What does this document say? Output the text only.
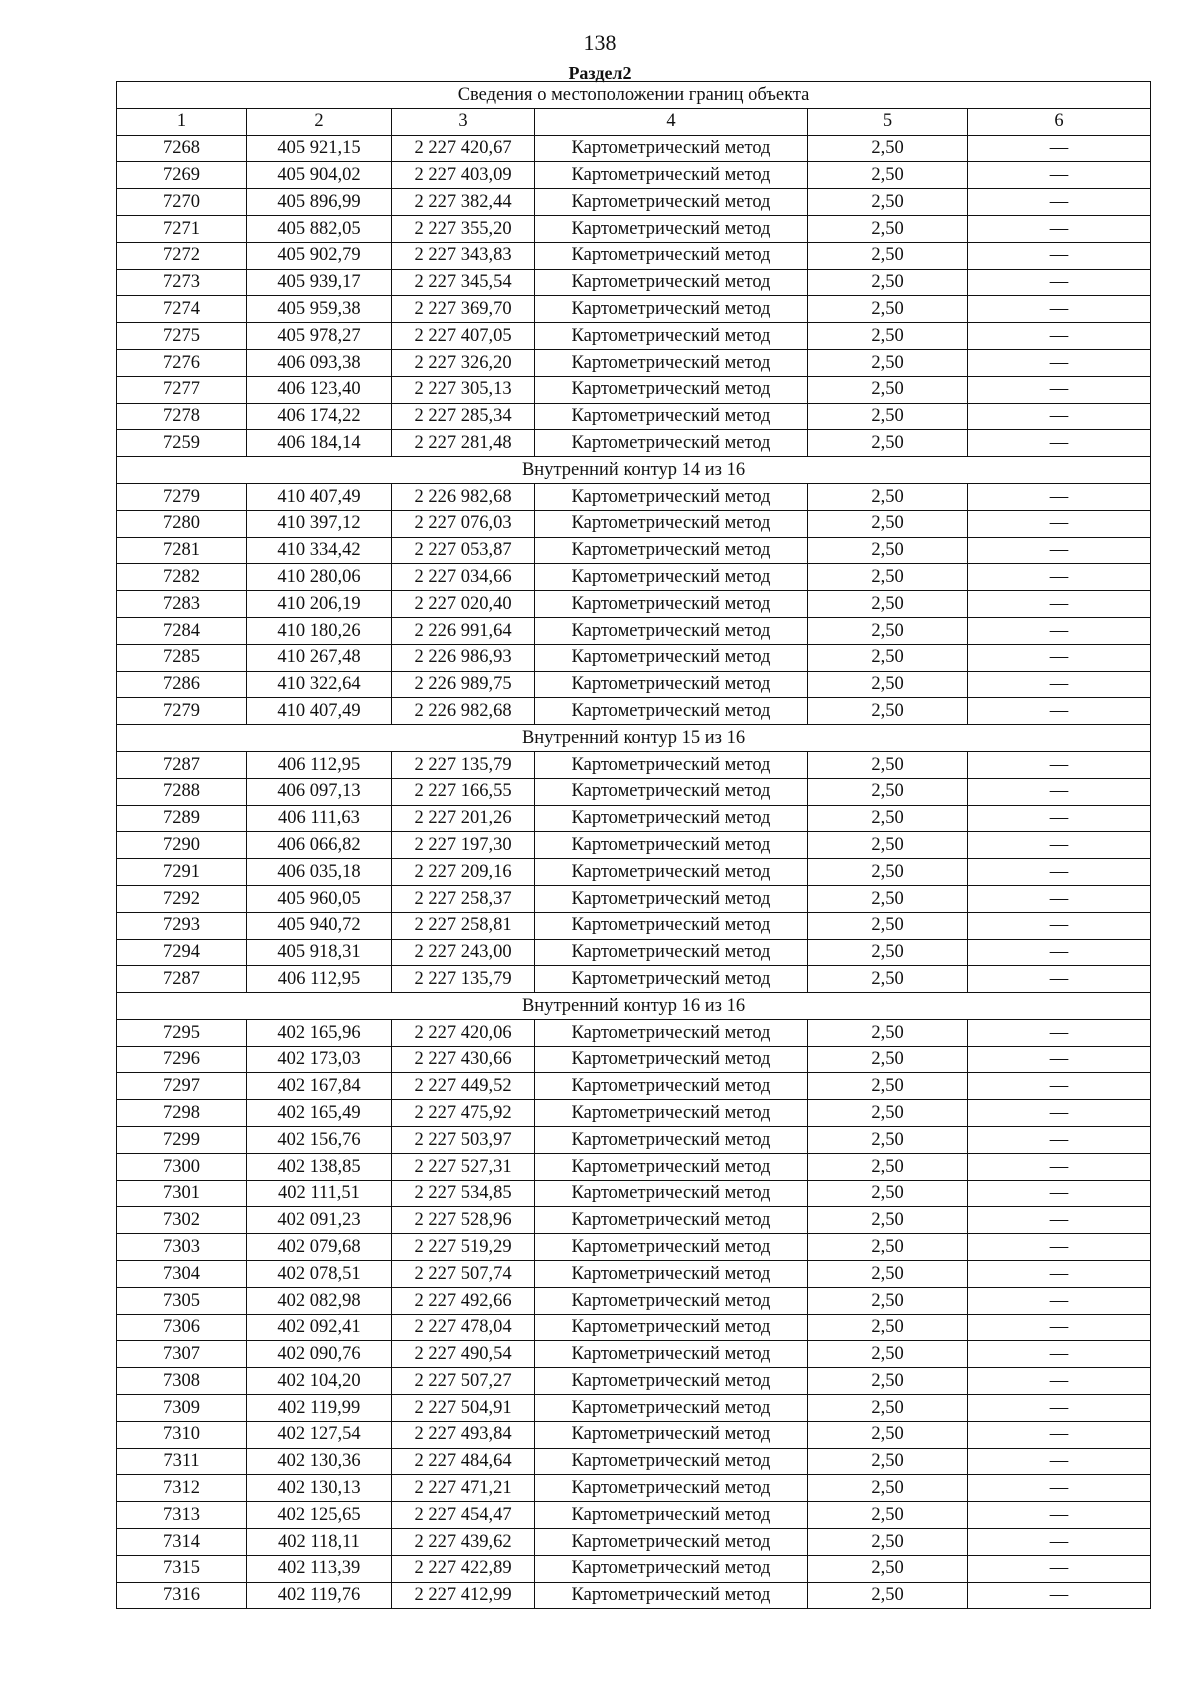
138
Раздел2
Сведения о местоположении границ объекта					
1	2	3	4	5	6
7268	405 921,15	2 227 420,67	Картометрический метод	2,50	—
7269	405 904,02	2 227 403,09	Картометрический метод	2,50	—
7270	405 896,99	2 227 382,44	Картометрический метод	2,50	—
7271	405 882,05	2 227 355,20	Картометрический метод	2,50	—
7272	405 902,79	2 227 343,83	Картометрический метод	2,50	—
7273	405 939,17	2 227 345,54	Картометрический метод	2,50	—
7274	405 959,38	2 227 369,70	Картометрический метод	2,50	—
7275	405 978,27	2 227 407,05	Картометрический метод	2,50	—
7276	406 093,38	2 227 326,20	Картометрический метод	2,50	—
7277	406 123,40	2 227 305,13	Картометрический метод	2,50	—
7278	406 174,22	2 227 285,34	Картометрический метод	2,50	—
7259	406 184,14	2 227 281,48	Картометрический метод	2,50	—
Внутренний контур 14 из 16					
7279	410 407,49	2 226 982,68	Картометрический метод	2,50	—
7280	410 397,12	2 227 076,03	Картометрический метод	2,50	—
7281	410 334,42	2 227 053,87	Картометрический метод	2,50	—
7282	410 280,06	2 227 034,66	Картометрический метод	2,50	—
7283	410 206,19	2 227 020,40	Картометрический метод	2,50	—
7284	410 180,26	2 226 991,64	Картометрический метод	2,50	—
7285	410 267,48	2 226 986,93	Картометрический метод	2,50	—
7286	410 322,64	2 226 989,75	Картометрический метод	2,50	—
7279	410 407,49	2 226 982,68	Картометрический метод	2,50	—
Внутренний контур 15 из 16					
7287	406 112,95	2 227 135,79	Картометрический метод	2,50	—
7288	406 097,13	2 227 166,55	Картометрический метод	2,50	—
7289	406 111,63	2 227 201,26	Картометрический метод	2,50	—
7290	406 066,82	2 227 197,30	Картометрический метод	2,50	—
7291	406 035,18	2 227 209,16	Картометрический метод	2,50	—
7292	405 960,05	2 227 258,37	Картометрический метод	2,50	—
7293	405 940,72	2 227 258,81	Картометрический метод	2,50	—
7294	405 918,31	2 227 243,00	Картометрический метод	2,50	—
7287	406 112,95	2 227 135,79	Картометрический метод	2,50	—
Внутренний контур 16 из 16					
7295	402 165,96	2 227 420,06	Картометрический метод	2,50	—
7296	402 173,03	2 227 430,66	Картометрический метод	2,50	—
7297	402 167,84	2 227 449,52	Картометрический метод	2,50	—
7298	402 165,49	2 227 475,92	Картометрический метод	2,50	—
7299	402 156,76	2 227 503,97	Картометрический метод	2,50	—
7300	402 138,85	2 227 527,31	Картометрический метод	2,50	—
7301	402 111,51	2 227 534,85	Картометрический метод	2,50	—
7302	402 091,23	2 227 528,96	Картометрический метод	2,50	—
7303	402 079,68	2 227 519,29	Картометрический метод	2,50	—
7304	402 078,51	2 227 507,74	Картометрический метод	2,50	—
7305	402 082,98	2 227 492,66	Картометрический метод	2,50	—
7306	402 092,41	2 227 478,04	Картометрический метод	2,50	—
7307	402 090,76	2 227 490,54	Картометрический метод	2,50	—
7308	402 104,20	2 227 507,27	Картометрический метод	2,50	—
7309	402 119,99	2 227 504,91	Картометрический метод	2,50	—
7310	402 127,54	2 227 493,84	Картометрический метод	2,50	—
7311	402 130,36	2 227 484,64	Картометрический метод	2,50	—
7312	402 130,13	2 227 471,21	Картометрический метод	2,50	—
7313	402 125,65	2 227 454,47	Картометрический метод	2,50	—
7314	402 118,11	2 227 439,62	Картометрический метод	2,50	—
7315	402 113,39	2 227 422,89	Картометрический метод	2,50	—
7316	402 119,76	2 227 412,99	Картометрический метод	2,50	—
